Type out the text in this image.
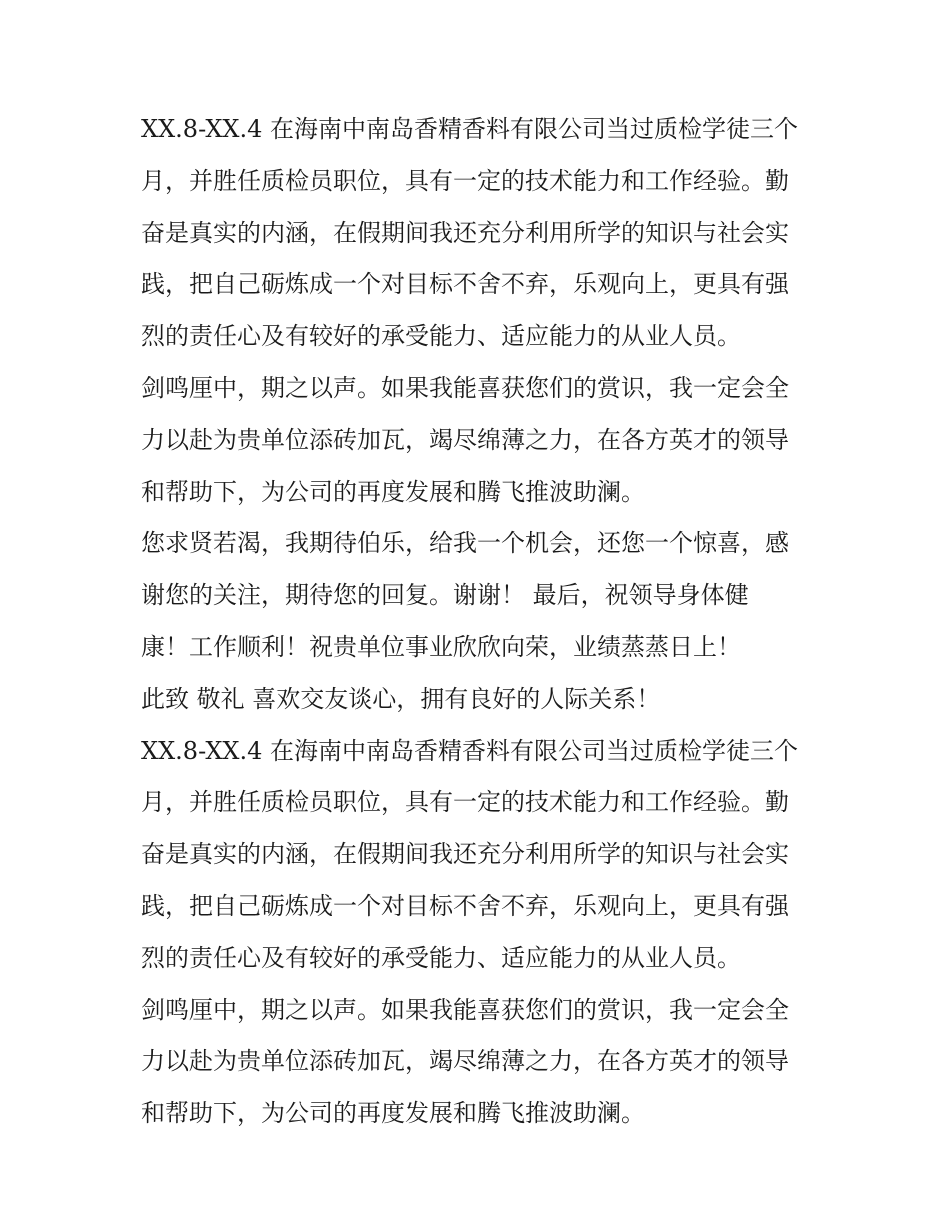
XX.8-XX.4 在海南中南岛香精香料有限公司当过质检学徒三个
月，并胜任质检员职位，具有一定的技术能力和工作经验。勤
奋是真实的内涵，在假期间我还充分利用所学的知识与社会实
践，把自己砺炼成一个对目标不舍不弃，乐观向上，更具有强
烈的责任心及有较好的承受能力、适应能力的从业人员。
剑鸣厘中，期之以声。如果我能喜获您们的赏识，我一定会全
力以赴为贵单位添砖加瓦，竭尽绵薄之力，在各方英才的领导
和帮助下，为公司的再度发展和腾飞推波助澜。
您求贤若渴，我期待伯乐，给我一个机会，还您一个惊喜，感
谢您的关注，期待您的回复。谢谢！ 最后，祝领导身体健
康！工作顺利！祝贵单位事业欣欣向荣，业绩蒸蒸日上！
此致 敬礼 喜欢交友谈心，拥有良好的人际关系！
XX.8-XX.4 在海南中南岛香精香料有限公司当过质检学徒三个
月，并胜任质检员职位，具有一定的技术能力和工作经验。勤
奋是真实的内涵，在假期间我还充分利用所学的知识与社会实
践，把自己砺炼成一个对目标不舍不弃，乐观向上，更具有强
烈的责任心及有较好的承受能力、适应能力的从业人员。
剑鸣厘中，期之以声。如果我能喜获您们的赏识，我一定会全
力以赴为贵单位添砖加瓦，竭尽绵薄之力，在各方英才的领导
和帮助下，为公司的再度发展和腾飞推波助澜。
